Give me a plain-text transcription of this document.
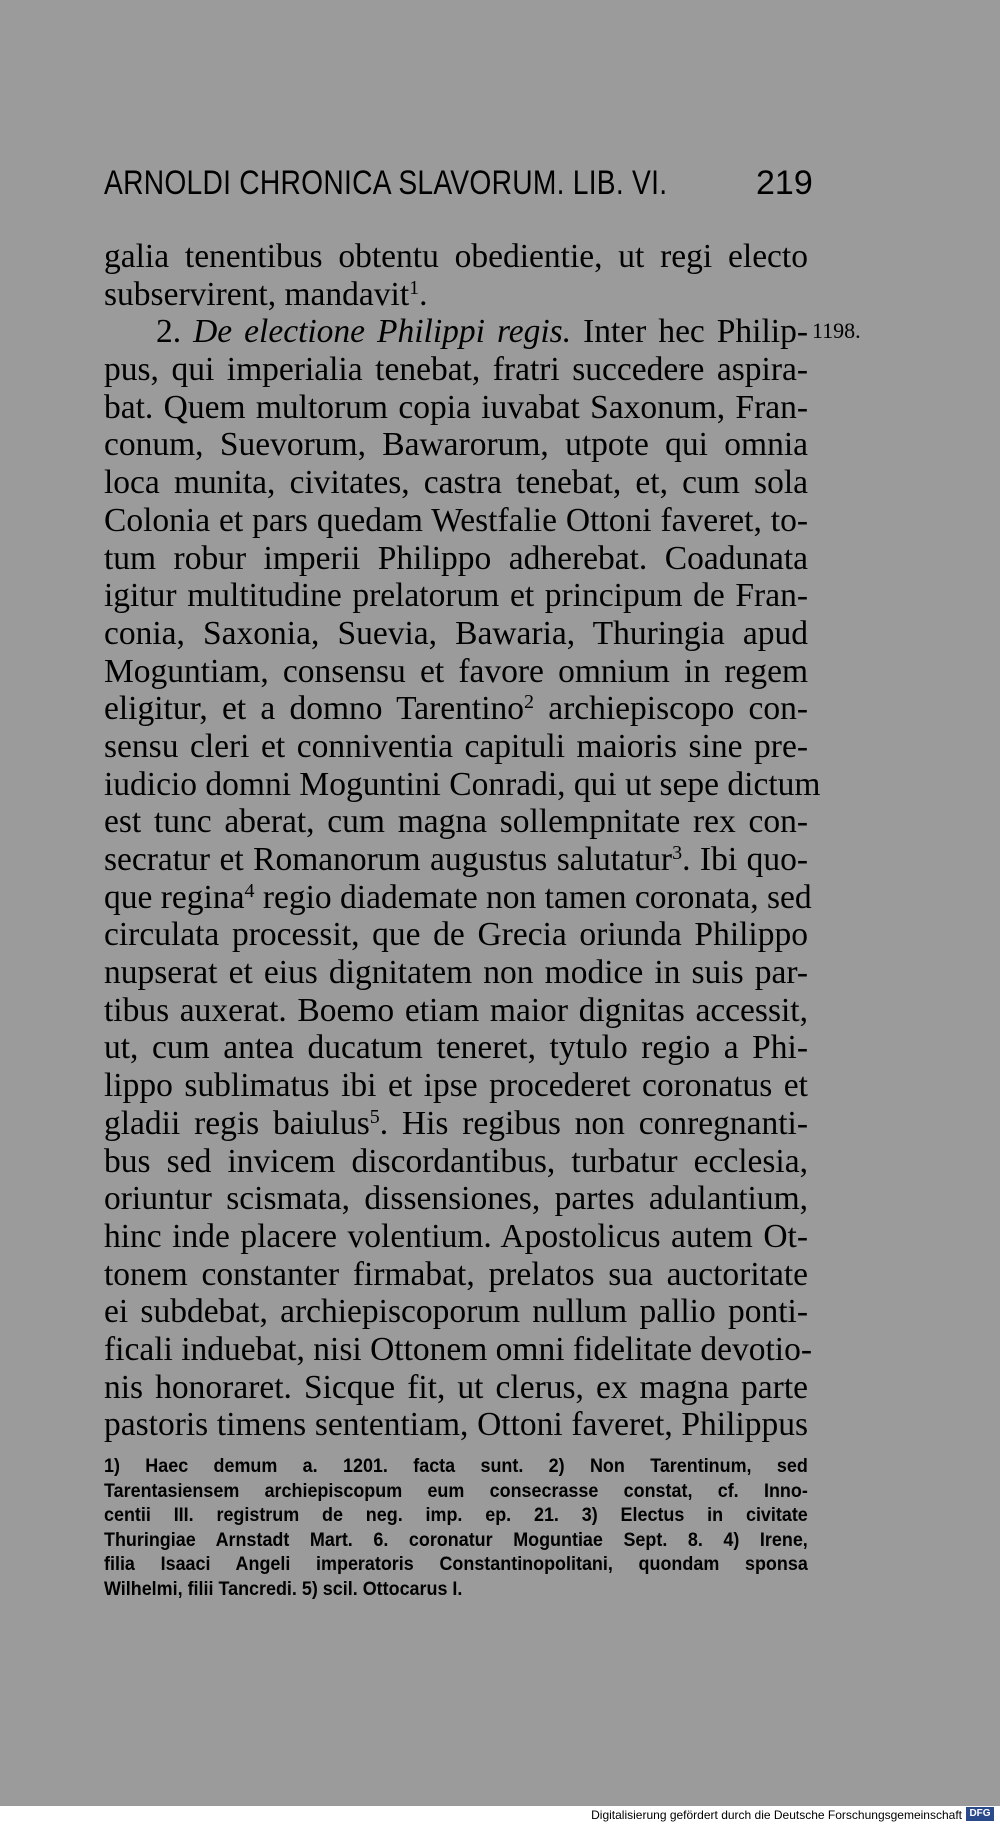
ARNOLDI CHRONICA SLAVORUM. LIB. VI.	219
1198.
galia tenentibus obtentu obedientie, ut regi electo
subservirent, mandavit$^1$.
2. De electione Philippi regis. Inter hec Philip-
pus, qui imperialia tenebat, fratri succedere aspira-
bat. Quem multorum copia iuvabat Saxonum, Fran-
conum, Suevorum, Bawarorum, utpote qui omnia
loca munita, civitates, castra tenebat, et, cum sola
Colonia et pars quedam Westfalie Ottoni faveret, to-
tum robur imperii Philippo adherebat. Coadunata
igitur multitudine prelatorum et principum de Fran-
conia, Saxonia, Suevia, Bawaria, Thuringia apud
Moguntiam, consensu et favore omnium in regem
eligitur, et a domno Tarentino$^2$ archiepiscopo con-
sensu cleri et conniventia capituli maioris sine pre-
iudicio domni Moguntini Conradi, qui ut sepe dictum
est tunc aberat, cum magna sollempnitate rex con-
secratur et Romanorum augustus salutatur$^3$. Ibi quo-
que regina$^4$ regio diademate non tamen coronata, sed
circulata processit, que de Grecia oriunda Philippo
nupserat et eius dignitatem non modice in suis par-
tibus auxerat. Boemo etiam maior dignitas accessit,
ut, cum antea ducatum teneret, tytulo regio a Phi-
lippo sublimatus ibi et ipse procederet coronatus et
gladii regis baiulus$^5$. His regibus non conregnanti-
bus sed invicem discordantibus, turbatur ecclesia,
oriuntur scismata, dissensiones, partes adulantium,
hinc inde placere volentium. Apostolicus autem Ot-
tonem constanter firmabat, prelatos sua auctoritate
ei subdebat, archiepiscoporum nullum pallio ponti-
ficali induebat, nisi Ottonem omni fidelitate devotio-
nis honoraret. Sicque fit, ut clerus, ex magna parte
pastoris timens sententiam, Ottoni faveret, Philippus
1) Haec demum a. 1201. facta sunt. 2) Non Tarentinum, sed
Tarentasiensem archiepiscopum eum consecrasse constat, cf. Inno-
centii III. registrum de neg. imp. ep. 21. 3) Electus in civitate
Thuringiae Arnstadt Mart. 6. coronatur Moguntiae Sept. 8. 4) Irene,
filia Isaaci Angeli imperatoris Constantinopolitani, quondam sponsa
Wilhelmi, filii Tancredi. 5) scil. Ottocarus I.
Digitalisierung gefördert durch die Deutsche Forschungsgemeinschaft DFG
